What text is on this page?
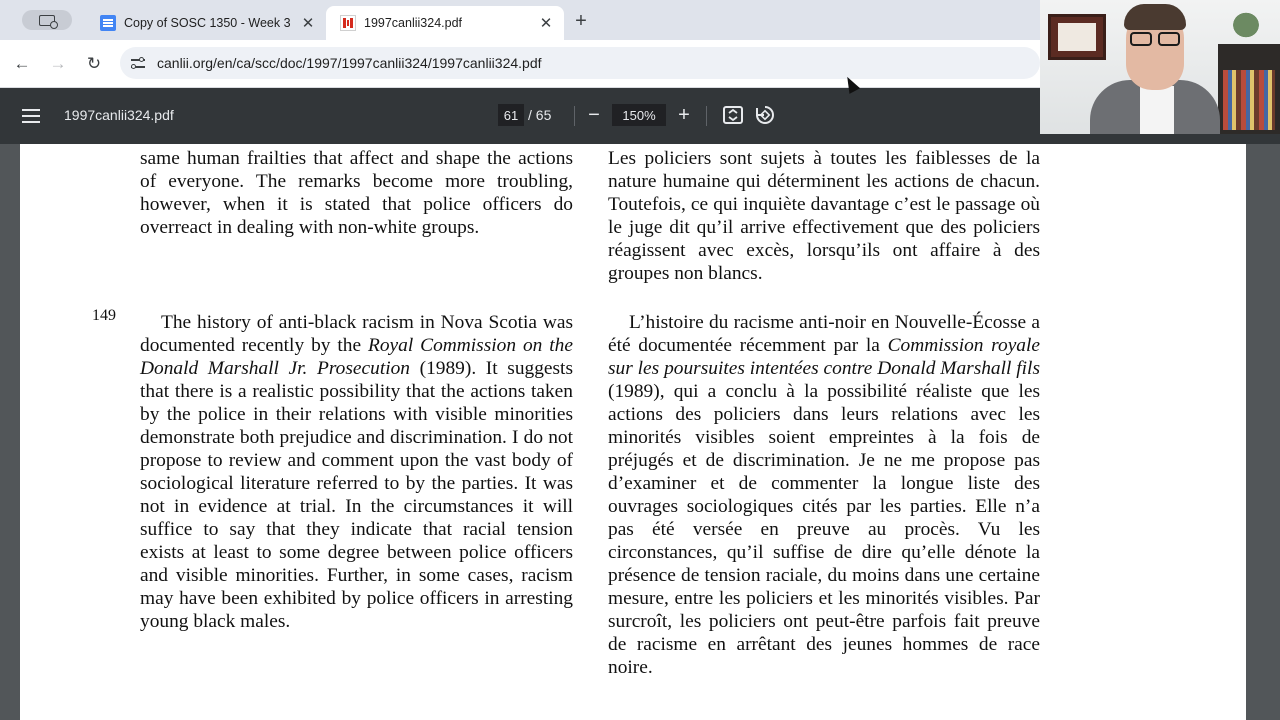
Copy of SOSC 1350 - Week 3 ✕	1997canlii324.pdf	✕ +
← → ↻	canlii.org/en/ca/scc/doc/1997/1997canlii324/1997canlii324.pdf
1997canlii324.pdf	61 / 65	−	150%	+

same human frailties that affect and shape the actions of everyone. The remarks become more troubling, however, when it is stated that police officers do overreact in dealing with non-white groups.

Les policiers sont sujets à toutes les faiblesses de la nature humaine qui déterminent les actions de chacun. Toutefois, ce qui inquiète davantage c’est le passage où le juge dit qu’il arrive effectivement que des policiers réagissent avec excès, lorsqu’ils ont affaire à des groupes non blancs.

149	The history of anti-black racism in Nova Scotia was documented recently by the Royal Commission on the Donald Marshall Jr. Prosecution (1989). It suggests that there is a realistic possibility that the actions taken by the police in their relations with visible minorities demonstrate both prejudice and discrimination. I do not propose to review and comment upon the vast body of sociological literature referred to by the parties. It was not in evidence at trial. In the circumstances it will suffice to say that they indicate that racial tension exists at least to some degree between police officers and visible minorities. Further, in some cases, racism may have been exhibited by police officers in arresting young black males.

L’histoire du racisme anti-noir en Nouvelle-Écosse a été documentée récemment par la Commission royale sur les poursuites intentées contre Donald Marshall fils (1989), qui a conclu à la possibilité réaliste que les actions des policiers dans leurs relations avec les minorités visibles soient empreintes à la fois de préjugés et de discrimination. Je ne me propose pas d’examiner et de commenter la longue liste des ouvrages sociologiques cités par les parties. Elle n’a pas été versée en preuve au procès. Vu les circonstances, qu’il suffise de dire qu’elle dénote la présence de tension raciale, du moins dans une certaine mesure, entre les policiers et les minorités visibles. Par surcroît, les policiers ont peut-être parfois fait preuve de racisme en arrêtant des jeunes hommes de race noire.
